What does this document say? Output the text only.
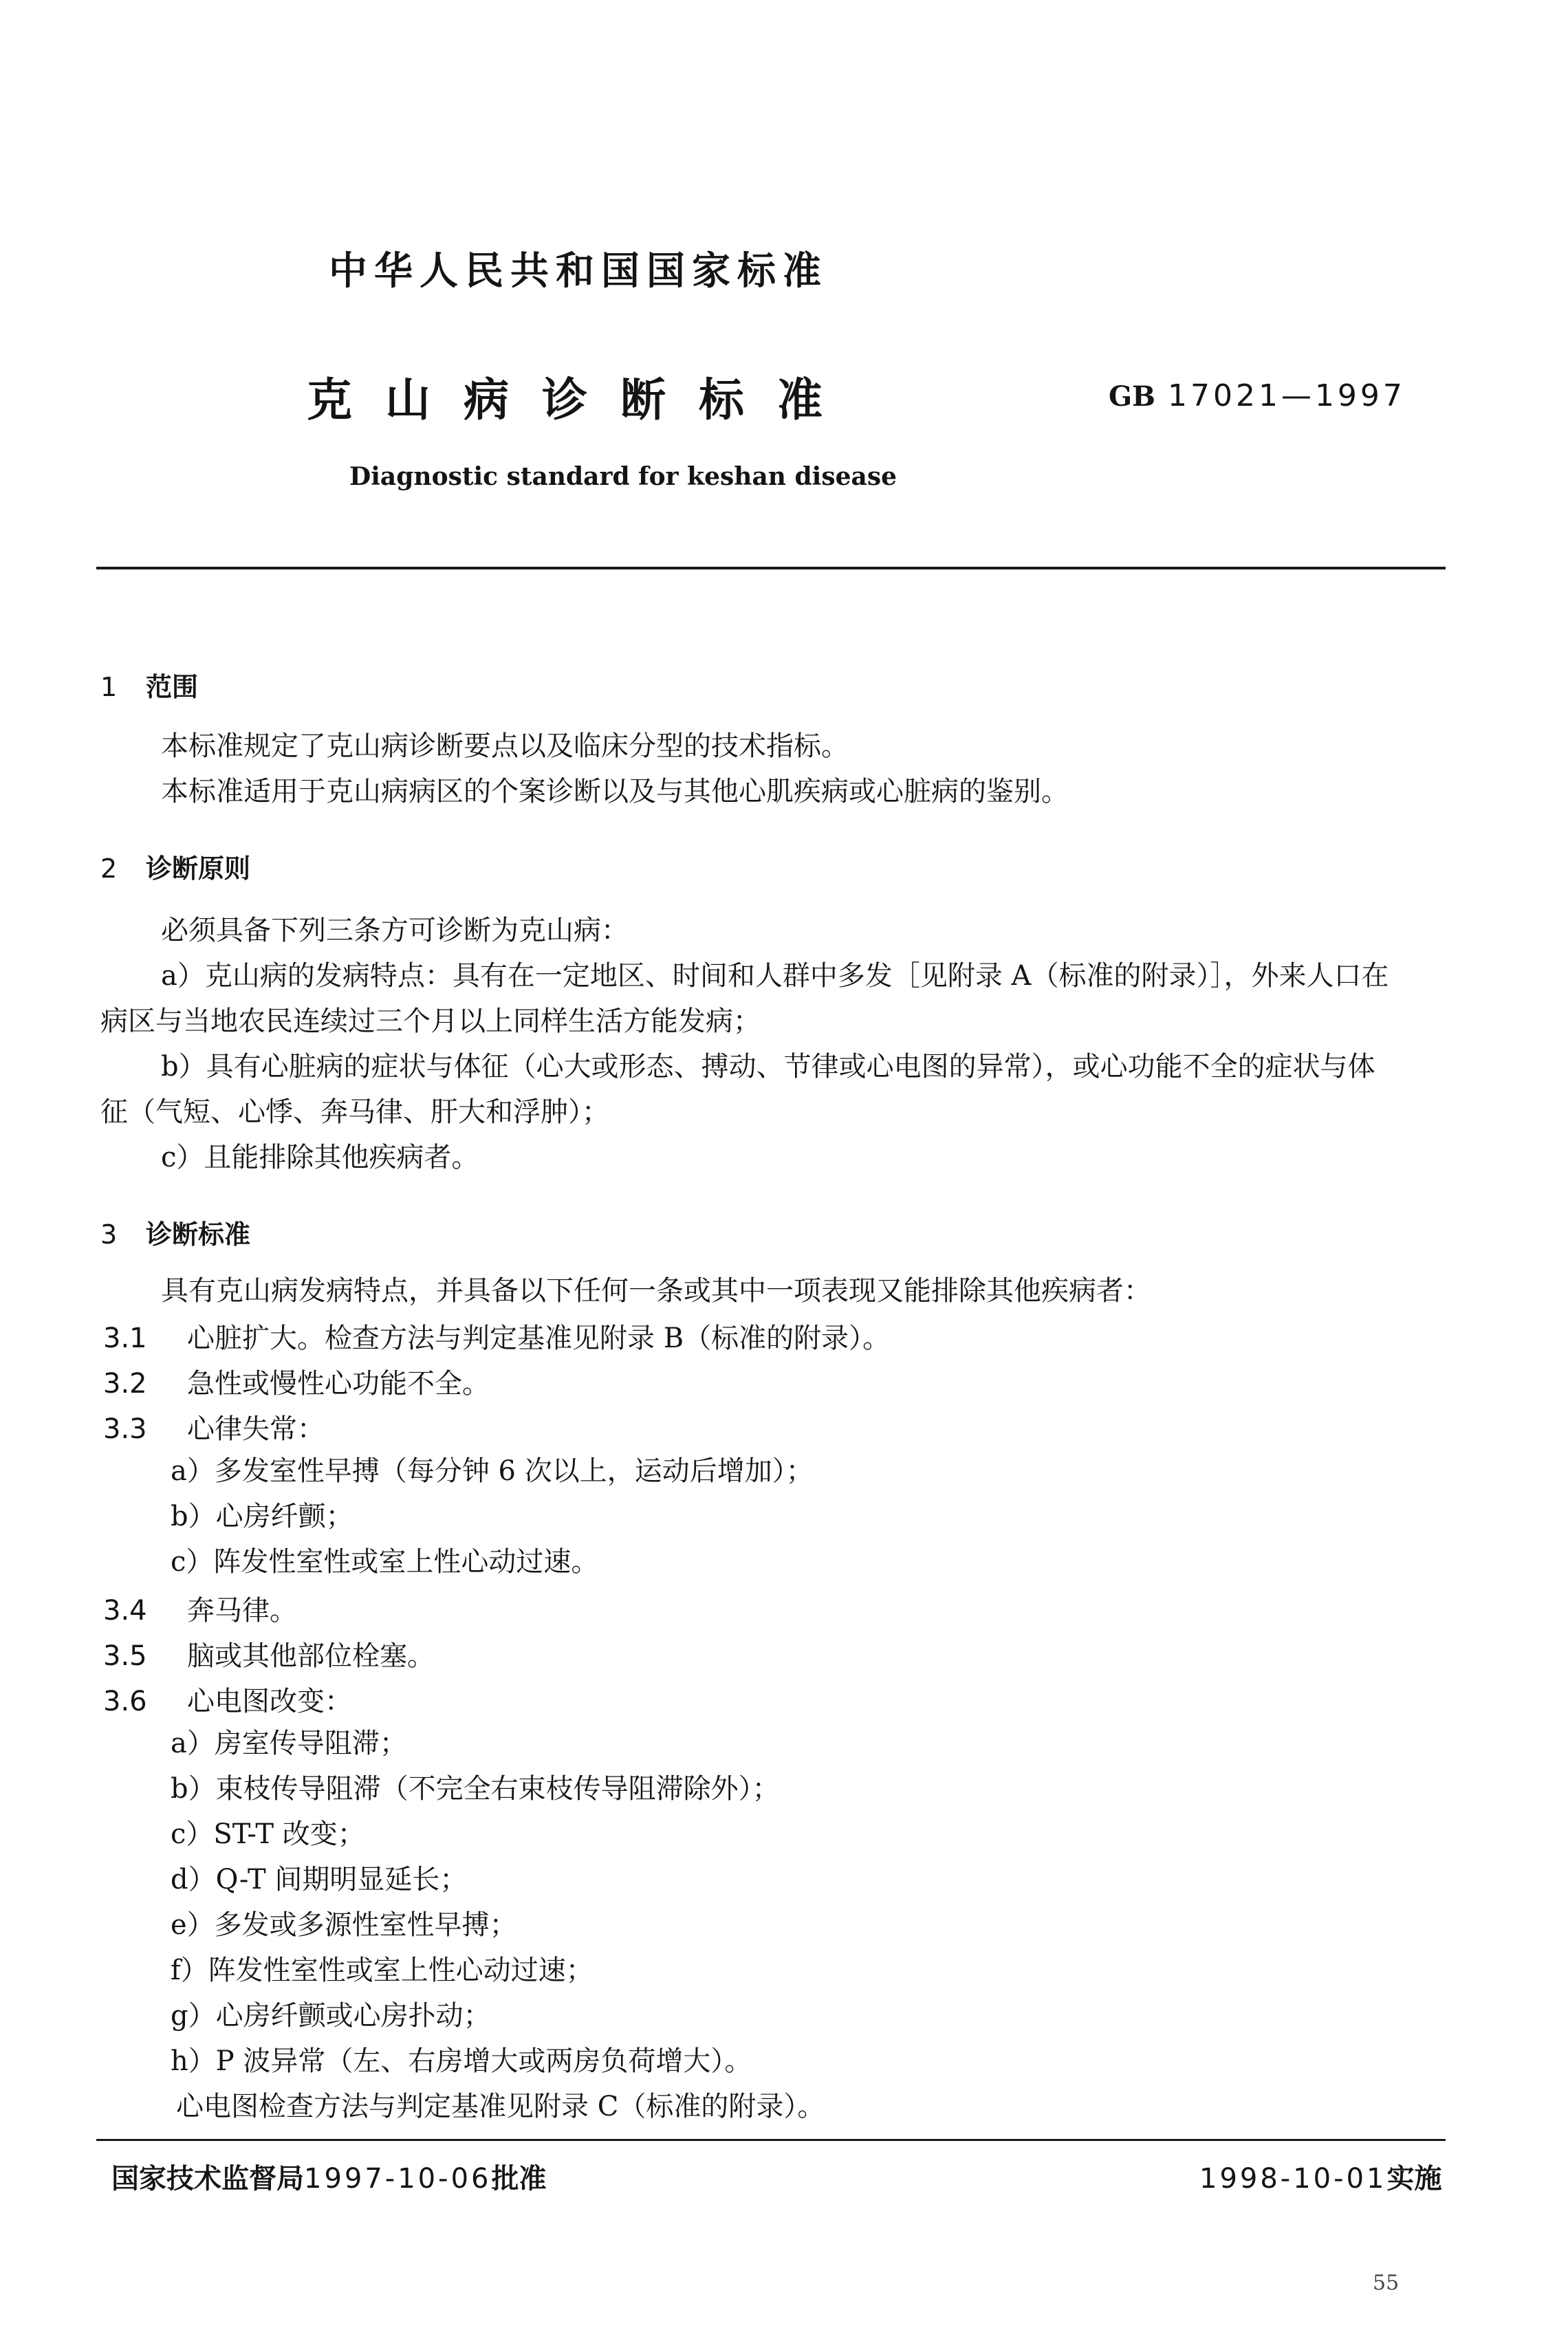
中华人民共和国国家标准
克山病诊断标准	GB 17021—1997
Diagnostic standard for keshan disease
1 范围
本标准规定了克山病诊断要点以及临床分型的技术指标。
本标准适用于克山病病区的个案诊断以及与其他心肌疾病或心脏病的鉴别。
2 诊断原则
必须具备下列三条方可诊断为克山病：
a）克山病的发病特点：具有在一定地区、时间和人群中多发［见附录 A（标准的附录）］，外来人口在
病区与当地农民连续过三个月以上同样生活方能发病；
b）具有心脏病的症状与体征（心大或形态、搏动、节律或心电图的异常），或心功能不全的症状与体
征（气短、心悸、奔马律、肝大和浮肿）；
c）且能排除其他疾病者。
3 诊断标准
具有克山病发病特点，并具备以下任何一条或其中一项表现又能排除其他疾病者：
3.1 心脏扩大。检查方法与判定基准见附录 B（标准的附录）。
3.2 急性或慢性心功能不全。
3.3 心律失常：
a）多发室性早搏（每分钟 6 次以上，运动后增加）；
b）心房纤颤；
c）阵发性室性或室上性心动过速。
3.4 奔马律。
3.5 脑或其他部位栓塞。
3.6 心电图改变：
a）房室传导阻滞；
b）束枝传导阻滞（不完全右束枝传导阻滞除外）；
c）ST-T 改变；
d）Q-T 间期明显延长；
e）多发或多源性室性早搏；
f）阵发性室性或室上性心动过速；
g）心房纤颤或心房扑动；
h）P 波异常（左、右房增大或两房负荷增大）。
心电图检查方法与判定基准见附录 C（标准的附录）。
国家技术监督局1997-10-06批准	1998-10-01实施
55
